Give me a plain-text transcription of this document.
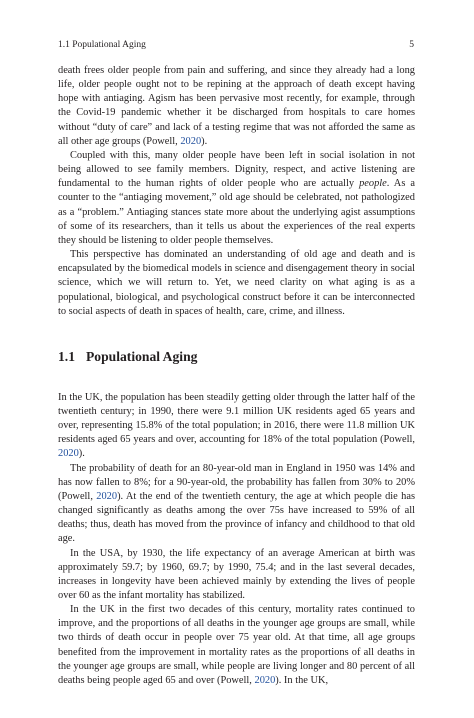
1.1 Populational Aging	5

death frees older people from pain and suffering, and since they already had a long life, older people ought not to be repining at the approach of death except having hope with antiaging. Agism has been pervasive most recently, for example, through the Covid-19 pandemic whether it be discharged from hospitals to care homes without “duty of care” and lack of a testing regime that was not afforded the same as all other age groups (Powell, 2020).

Coupled with this, many older people have been left in social isolation in not being allowed to see family members. Dignity, respect, and active listening are fundamental to the human rights of older people who are actually people. As a counter to the “antiaging movement,” old age should be celebrated, not pathologized as a “problem.” Antiaging stances state more about the underlying agist assumptions of some of its researchers, than it tells us about the experiences of the real experts they should be listening to older people themselves.

This perspective has dominated an understanding of old age and death and is encapsulated by the biomedical models in science and disengagement theory in social science, which we will return to. Yet, we need clarity on what aging is as a populational, biological, and psychological construct before it can be interconnected to social aspects of death in spaces of health, care, crime, and illness.

1.1 Populational Aging

In the UK, the population has been steadily getting older through the latter half of the twentieth century; in 1990, there were 9.1 million UK residents aged 65 years and over, representing 15.8% of the total population; in 2016, there were 11.8 million UK residents aged 65 years and over, accounting for 18% of the total population (Powell, 2020).

The probability of death for an 80-year-old man in England in 1950 was 14% and has now fallen to 8%; for a 90-year-old, the probability has fallen from 30% to 20% (Powell, 2020). At the end of the twentieth century, the age at which people die has changed significantly as deaths among the over 75s have increased to 59% of all deaths; thus, death has moved from the province of infancy and childhood to that old age.

In the USA, by 1930, the life expectancy of an average American at birth was approximately 59.7; by 1960, 69.7; by 1990, 75.4; and in the last several decades, increases in longevity have been achieved mainly by extending the lives of people over 60 as the infant mortality has stabilized.

In the UK in the first two decades of this century, mortality rates continued to improve, and the proportions of all deaths in the younger age groups are small, while two thirds of death occur in people over 75 year old. At that time, all age groups benefited from the improvement in mortality rates as the proportions of all deaths in the younger age groups are small, while people are living longer and 80 percent of all deaths being people aged 65 and over (Powell, 2020). In the UK,
